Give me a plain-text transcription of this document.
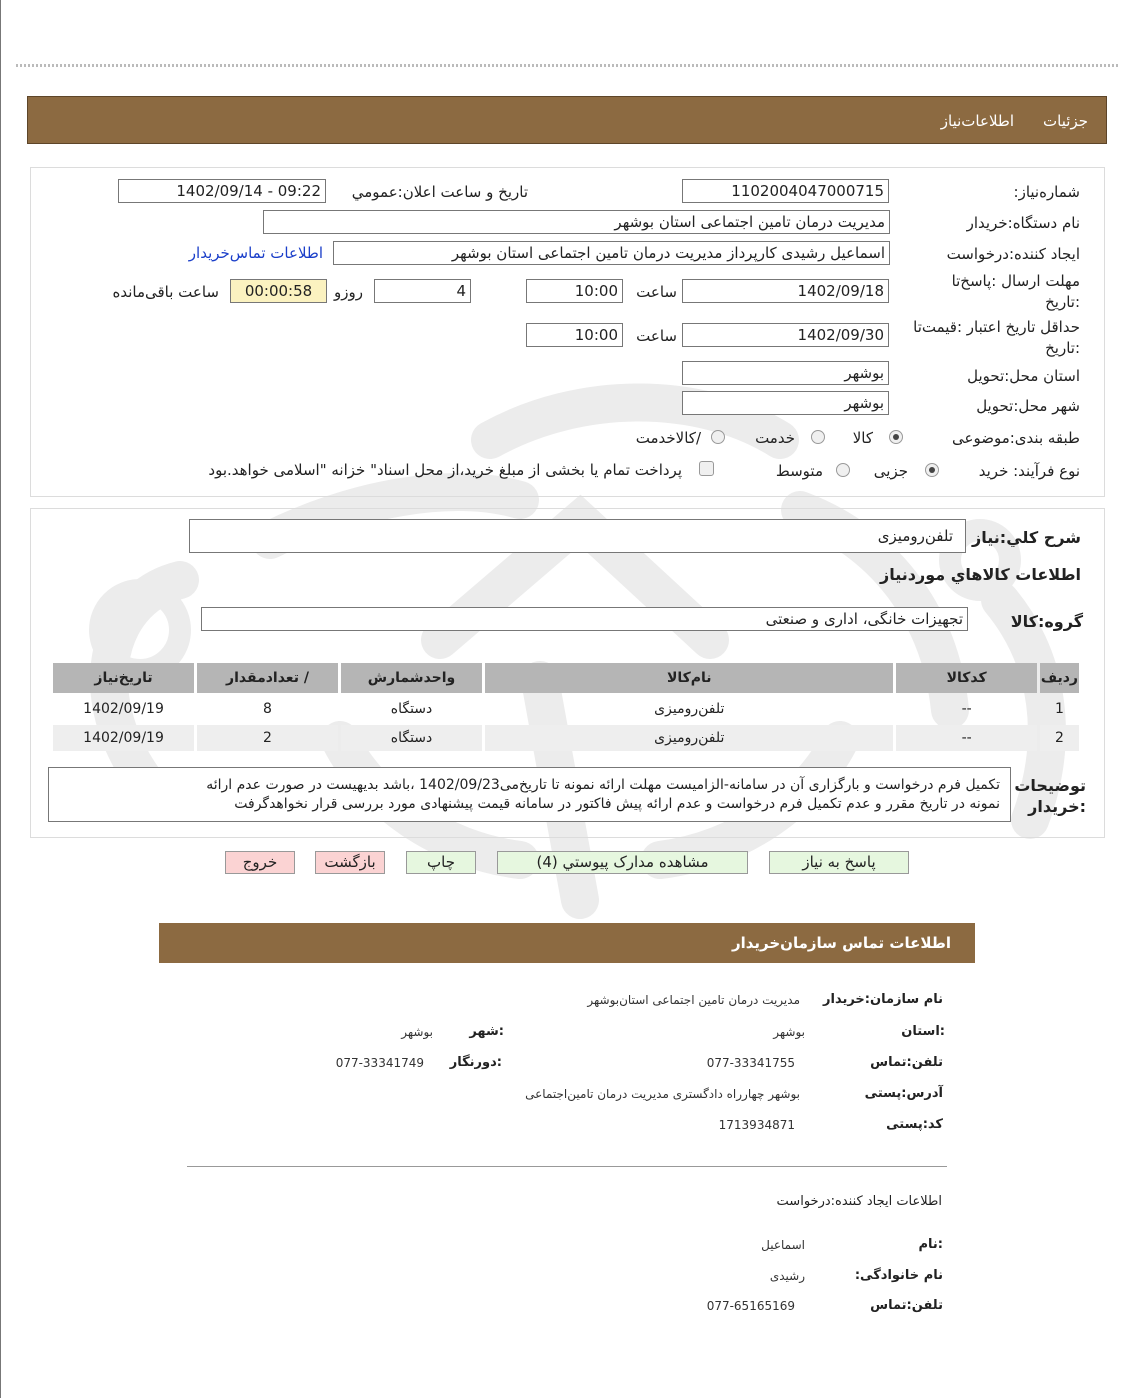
جزئیات
اطلاعات‌نیاز
شماره‌نیاز:
1102004047000715
تاریخ و ساعت اعلان:عمومي
1402/09/14 - 09:22
نام دستگاه:خریدار
مدیریت درمان تامین اجتماعی استان بوشهر
ایجاد کننده:درخواست
اسماعیل رشیدی کارپرداز مدیریت درمان تامین اجتماعی استان بوشهر
اطلاعات تماس‌خریدار
مهلت ارسال :پاسخ‌تا
:تاریخ
1402/09/18
ساعت
10:00
4
روزو
00:00:58
ساعت باقی‌مانده
حداقل تاریخ اعتبار :قیمت‌تا
:تاریخ
1402/09/30
ساعت
10:00
استان محل:تحویل
بوشهر
شهر محل:تحویل
بوشهر
طبقه بندی:موضوعی
کالا
خدمت
/کالاخدمت
نوع فرآیند: خرید
جزیی
متوسط
پرداخت تمام یا بخشی از مبلغ خرید،از محل اسناد" خزانه "اسلامی خواهد.بود
شرح کلي:نیاز
تلفن‌رومیزی
اطلاعات کالاهاي موردنیاز
گروه:کالا
تجهیزات خانگی، اداری و صنعتی
ردیف	کدکالا	نام‌کالا	واحدشمارش	/ تعدادمقدار	تاریخ‌نیاز
1	--	تلفن‌رومیزی	دستگاه	8	1402/09/19
2	--	تلفن‌رومیزی	دستگاه	2	1402/09/19
توضیحات
:خریدار
تکمیل فرم درخواست و بارگزاری آن در سامانه-الزامیست مهلت ارائه نمونه تا تاریخ‌می1402/09/23 ،باشد بدیهیست در صورت عدم ارائه
نمونه در تاریخ مقرر و عدم تکمیل فرم درخواست و عدم ارائه پیش فاکتور در سامانه قیمت پیشنهادی مورد بررسی قرار نخواهدگرفت
پاسخ به نیاز
مشاهده مدارک پیوستي (4)
چاپ
بازگشت
خروج
اطلاعات تماس سازمان‌خریدار
نام سازمان:خریدار
مدیریت درمان تامین اجتماعی استان‌بوشهر
:استان
بوشهر
:شهر
بوشهر
تلفن:تماس
077-33341755
:دورنگار
077-33341749
آدرس:پستی
بوشهر چهارراه دادگستری مدیریت درمان تامین‌اجتماعی
کد:پستی
1713934871
اطلاعات ایجاد کننده:درخواست
:نام
اسماعیل
نام خانوادگی:
رشیدی
تلفن:تماس
077-65165169
